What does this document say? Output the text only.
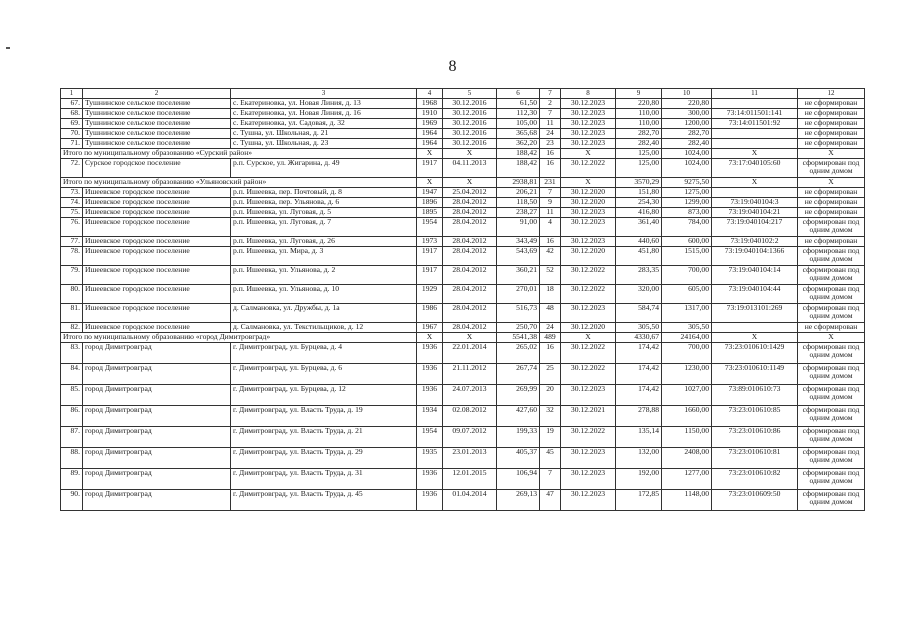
8
1	2	3	4	5	6	7	8	9	10	11	12
67.	Тушнинское сельское поселение	с. Екатериновка, ул. Новая Линия, д. 13	1968	30.12.2016	61,50	2	30.12.2023	220,80	220,80		не сформирован
68.	Тушнинское сельское поселение	с. Екатериновка, ул. Новая Линия, д. 16	1910	30.12.2016	112,30	7	30.12.2023	110,00	300,00	73:14:011501:141	не сформирован
69.	Тушнинское сельское поселение	с. Екатериновка, ул. Садовая, д. 32	1969	30.12.2016	105,00	11	30.12.2023	110,00	1200,00	73:14:011501:92	не сформирован
70.	Тушнинское сельское поселение	с. Тушна, ул. Школьная, д. 21	1964	30.12.2016	365,68	24	30.12.2023	282,70	282,70		не сформирован
71.	Тушнинское сельское поселение	с. Тушна, ул. Школьная, д. 23	1964	30.12.2016	362,20	23	30.12.2023	282,40	282,40		не сформирован
Итого по муниципальному образованию «Сурский район»			X	X	188,42	16	X	125,00	1024,00	X	X
72.	Сурское городское поселение	р.п. Сурское, ул. Жигарина, д. 49	1917	04.11.2013	188,42	16	30.12.2022	125,00	1024,00	73:17:040105:60	сформирован под одним домом
Итого по муниципальному образованию «Ульяновский район»			X	X	2938,81	231	X	3570,29	9275,50	X	X
73.	Ишеевское городское поселение	р.п. Ишеевка, пер. Почтовый, д. 8	1947	25.04.2012	206,21	7	30.12.2020	151,80	1275,00		не сформирован
74.	Ишеевское городское поселение	р.п. Ишеевка, пер. Ульянова, д. 6	1896	28.04.2012	118,50	9	30.12.2020	254,30	1299,00	73:19:040104:3	не сформирован
75.	Ишеевское городское поселение	р.п. Ишеевка, ул. Луговая, д. 5	1895	28.04.2012	238,27	11	30.12.2023	416,80	873,00	73:19:040104:21	не сформирован
76.	Ишеевское городское поселение	р.п. Ишеевка, ул. Луговая, д. 7	1954	28.04.2012	91,00	4	30.12.2023	361,40	784,00	73:19:040104:217	сформирован под одним домом
77.	Ишеевское городское поселение	р.п. Ишеевка, ул. Луговая, д. 26	1973	28.04.2012	343,49	16	30.12.2023	440,60	600,00	73:19:040102:2	не сформирован
78.	Ишеевское городское поселение	р.п. Ишеевка, ул. Мира, д. 3	1917	28.04.2012	543,69	42	30.12.2020	451,80	1515,00	73:19:040104:1366	сформирован под одним домом
79.	Ишеевское городское поселение	р.п. Ишеевка, ул. Ульянова, д. 2	1917	28.04.2012	360,21	52	30.12.2022	283,35	700,00	73:19:040104:14	сформирован под одним домом
80.	Ишеевское городское поселение	р.п. Ишеевка, ул. Ульянова, д. 10	1929	28.04.2012	270,01	18	30.12.2022	320,00	605,00	73:19:040104:44	сформирован под одним домом
81.	Ишеевское городское поселение	д. Салмановка, ул. Дружбы, д. 1а	1986	28.04.2012	516,73	48	30.12.2023	584,74	1317,00	73:19:013101:269	сформирован под одним домом
82.	Ишеевское городское поселение	д. Салмановка, ул. Текстильщиков, д. 12	1967	28.04.2012	250,70	24	30.12.2020	305,50	305,50		не сформирован
Итого по муниципальному образованию «город Димитровград»			X	X	5541,38	489	X	4330,67	24164,00	X	X
83.	город Димитровград	г. Димитровград, ул. Бурцева, д. 4	1936	22.01.2014	265,02	16	30.12.2022	174,42	700,00	73:23:010610:1429	сформирован под одним домом
84.	город Димитровград	г. Димитровград, ул. Бурцева, д. 6	1936	21.11.2012	267,74	25	30.12.2022	174,42	1230,00	73:23:010610:1149	сформирован под одним домом
85.	город Димитровград	г. Димитровград, ул. Бурцева, д. 12	1936	24.07.2013	269,99	20	30.12.2023	174,42	1027,00	73:89:010610:73	сформирован под одним домом
86.	город Димитровград	г. Димитровград, ул. Власть Труда, д. 19	1934	02.08.2012	427,60	32	30.12.2021	278,88	1660,00	73:23:010610:85	сформирован под одним домом
87.	город Димитровград	г. Димитровград, ул. Власть Труда, д. 21	1954	09.07.2012	199,33	19	30.12.2022	135,14	1150,00	73:23:010610:86	сформирован под одним домом
88.	город Димитровград	г. Димитровград, ул. Власть Труда, д. 29	1935	23.01.2013	405,37	45	30.12.2023	132,00	2408,00	73:23:010610:81	сформирован под одним домом
89.	город Димитровград	г. Димитровград, ул. Власть Труда, д. 31	1936	12.01.2015	106,94	7	30.12.2023	192,00	1277,00	73:23:010610:82	сформирован под одним домом
90.	город Димитровград	г. Димитровград, ул. Власть Труда, д. 45	1936	01.04.2014	269,13	47	30.12.2023	172,85	1148,00	73:23:010609:50	сформирован под одним домом
